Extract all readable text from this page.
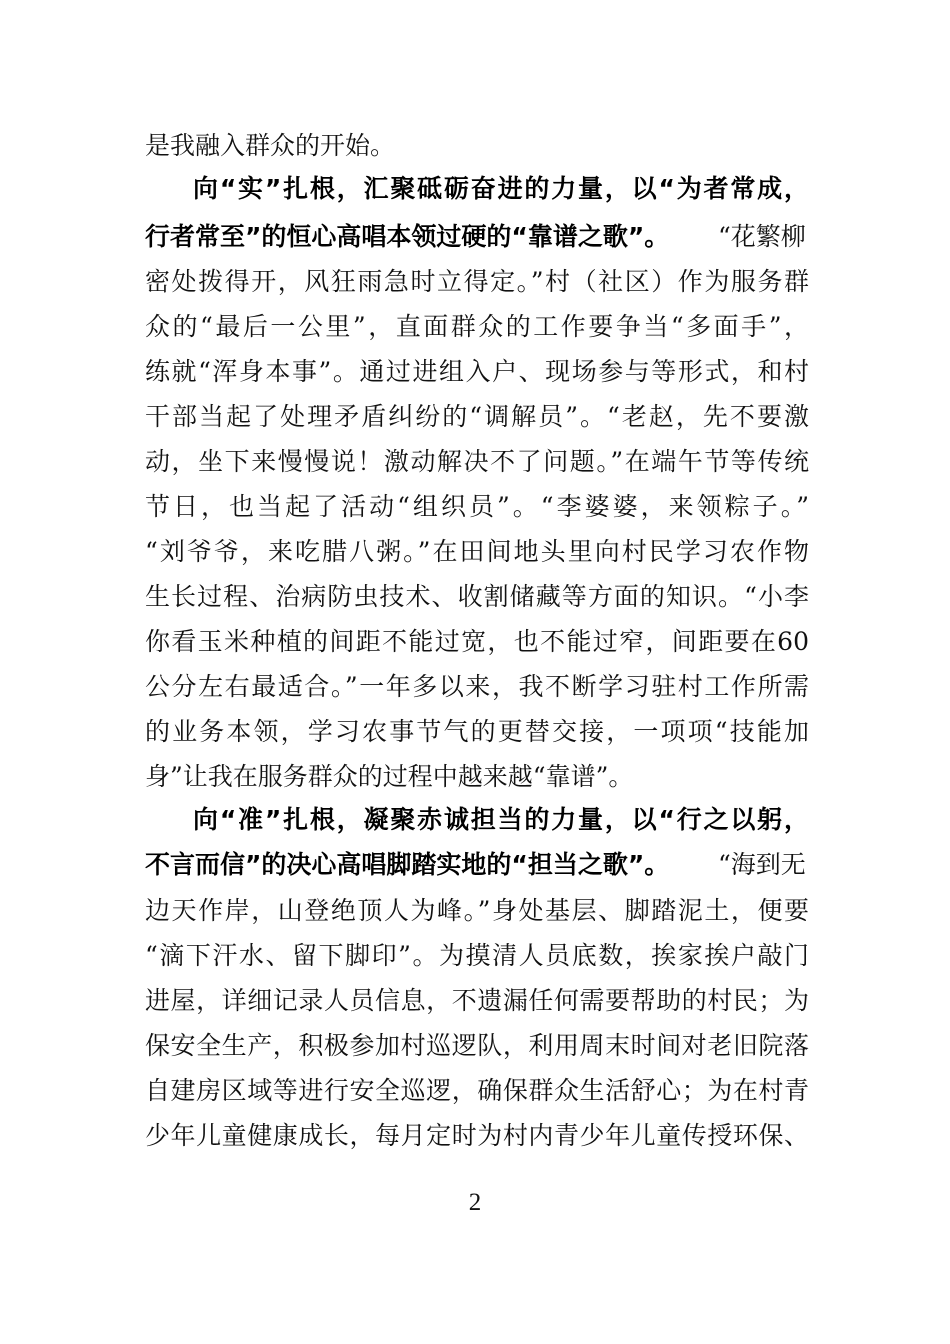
是我融入群众的开始。
向“实”扎根，汇聚砥砺奋进的力量，以“为者常成，
行者常至”的恒心高唱本领过硬的“靠谱之歌”。 “花繁柳
密处拨得开，风狂雨急时立得定。”村（社区）作为服务群
众的“最后一公里”，直面群众的工作要争当“多面手”，
练就“浑身本事”。通过进组入户、现场参与等形式，和村
干部当起了处理矛盾纠纷的“调解员”。“老赵，先不要激
动，坐下来慢慢说！激动解决不了问题。”在端午节等传统
节日，也当起了活动“组织员”。“李婆婆，来领粽子。”
“刘爷爷，来吃腊八粥。”在田间地头里向村民学习农作物
生长过程、治病防虫技术、收割储藏等方面的知识。“小李
你看玉米种植的间距不能过宽，也不能过窄，间距要在60
公分左右最适合。”一年多以来，我不断学习驻村工作所需
的业务本领，学习农事节气的更替交接，一项项“技能加
身”让我在服务群众的过程中越来越“靠谱”。
向“准”扎根，凝聚赤诚担当的力量，以“行之以躬，
不言而信”的决心高唱脚踏实地的“担当之歌”。 “海到无
边天作岸，山登绝顶人为峰。”身处基层、脚踏泥土，便要
“滴下汗水、留下脚印”。为摸清人员底数，挨家挨户敲门
进屋，详细记录人员信息，不遗漏任何需要帮助的村民；为
保安全生产，积极参加村巡逻队，利用周末时间对老旧院落
自建房区域等进行安全巡逻，确保群众生活舒心；为在村青
少年儿童健康成长，每月定时为村内青少年儿童传授环保、
2
